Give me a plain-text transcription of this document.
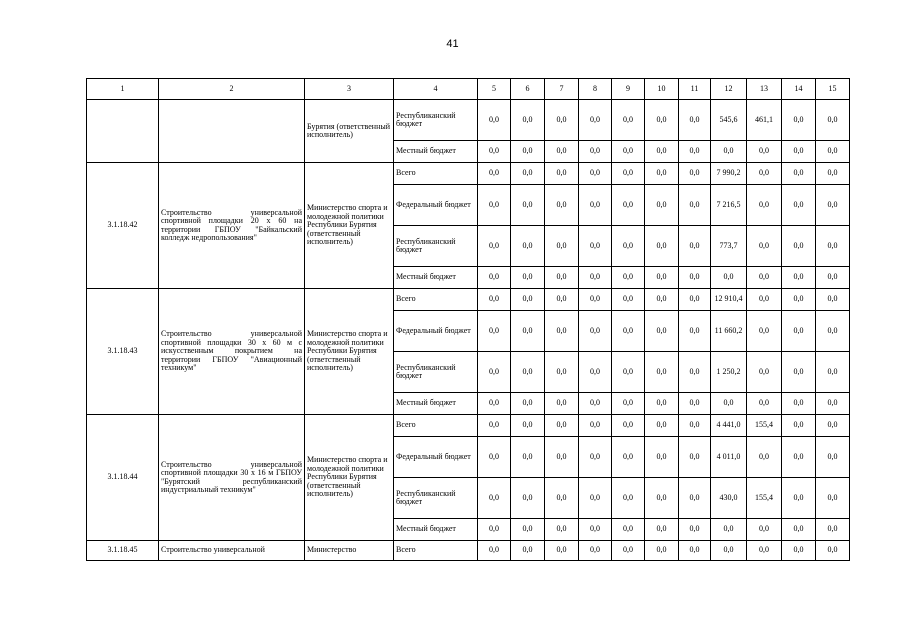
41
1	2	3	4	5	6	7	8	9	10	11	12	13	14	15
		Бурятия (ответственный исполнитель)	Республиканский бюджет	0,0	0,0	0,0	0,0	0,0	0,0	0,0	545,6	461,1	0,0	0,0
			Местный бюджет	0,0	0,0	0,0	0,0	0,0	0,0	0,0	0,0	0,0	0,0	0,0
3.1.18.42	Строительство универсальной спортивной площадки 20 х 60 на территории ГБПОУ "Байкальский колледж недропользования"	Министерство спорта и молодежной политики Республики Бурятия (ответственный исполнитель)	Всего	0,0	0,0	0,0	0,0	0,0	0,0	0,0	7 990,2	0,0	0,0	0,0
			Федеральный бюджет	0,0	0,0	0,0	0,0	0,0	0,0	0,0	7 216,5	0,0	0,0	0,0
			Республиканский бюджет	0,0	0,0	0,0	0,0	0,0	0,0	0,0	773,7	0,0	0,0	0,0
			Местный бюджет	0,0	0,0	0,0	0,0	0,0	0,0	0,0	0,0	0,0	0,0	0,0
3.1.18.43	Строительство универсальной спортивной площадки 30 х 60 м с искусственным покрытием на территории ГБПОУ "Авиационный техникум"	Министерство спорта и молодежной политики Республики Бурятия (ответственный исполнитель)	Всего	0,0	0,0	0,0	0,0	0,0	0,0	0,0	12 910,4	0,0	0,0	0,0
			Федеральный бюджет	0,0	0,0	0,0	0,0	0,0	0,0	0,0	11 660,2	0,0	0,0	0,0
			Республиканский бюджет	0,0	0,0	0,0	0,0	0,0	0,0	0,0	1 250,2	0,0	0,0	0,0
			Местный бюджет	0,0	0,0	0,0	0,0	0,0	0,0	0,0	0,0	0,0	0,0	0,0
3.1.18.44	Строительство универсальной спортивной площадки 30 х 16 м ГБПОУ "Бурятский республиканский индустриальный техникум"	Министерство спорта и молодежной политики Республики Бурятия (ответственный исполнитель)	Всего	0,0	0,0	0,0	0,0	0,0	0,0	0,0	4 441,0	155,4	0,0	0,0
			Федеральный бюджет	0,0	0,0	0,0	0,0	0,0	0,0	0,0	4 011,0	0,0	0,0	0,0
			Республиканский бюджет	0,0	0,0	0,0	0,0	0,0	0,0	0,0	430,0	155,4	0,0	0,0
			Местный бюджет	0,0	0,0	0,0	0,0	0,0	0,0	0,0	0,0	0,0	0,0	0,0
3.1.18.45	Строительство универсальной	Министерство	Всего	0,0	0,0	0,0	0,0	0,0	0,0	0,0	0,0	0,0	0,0	0,0
